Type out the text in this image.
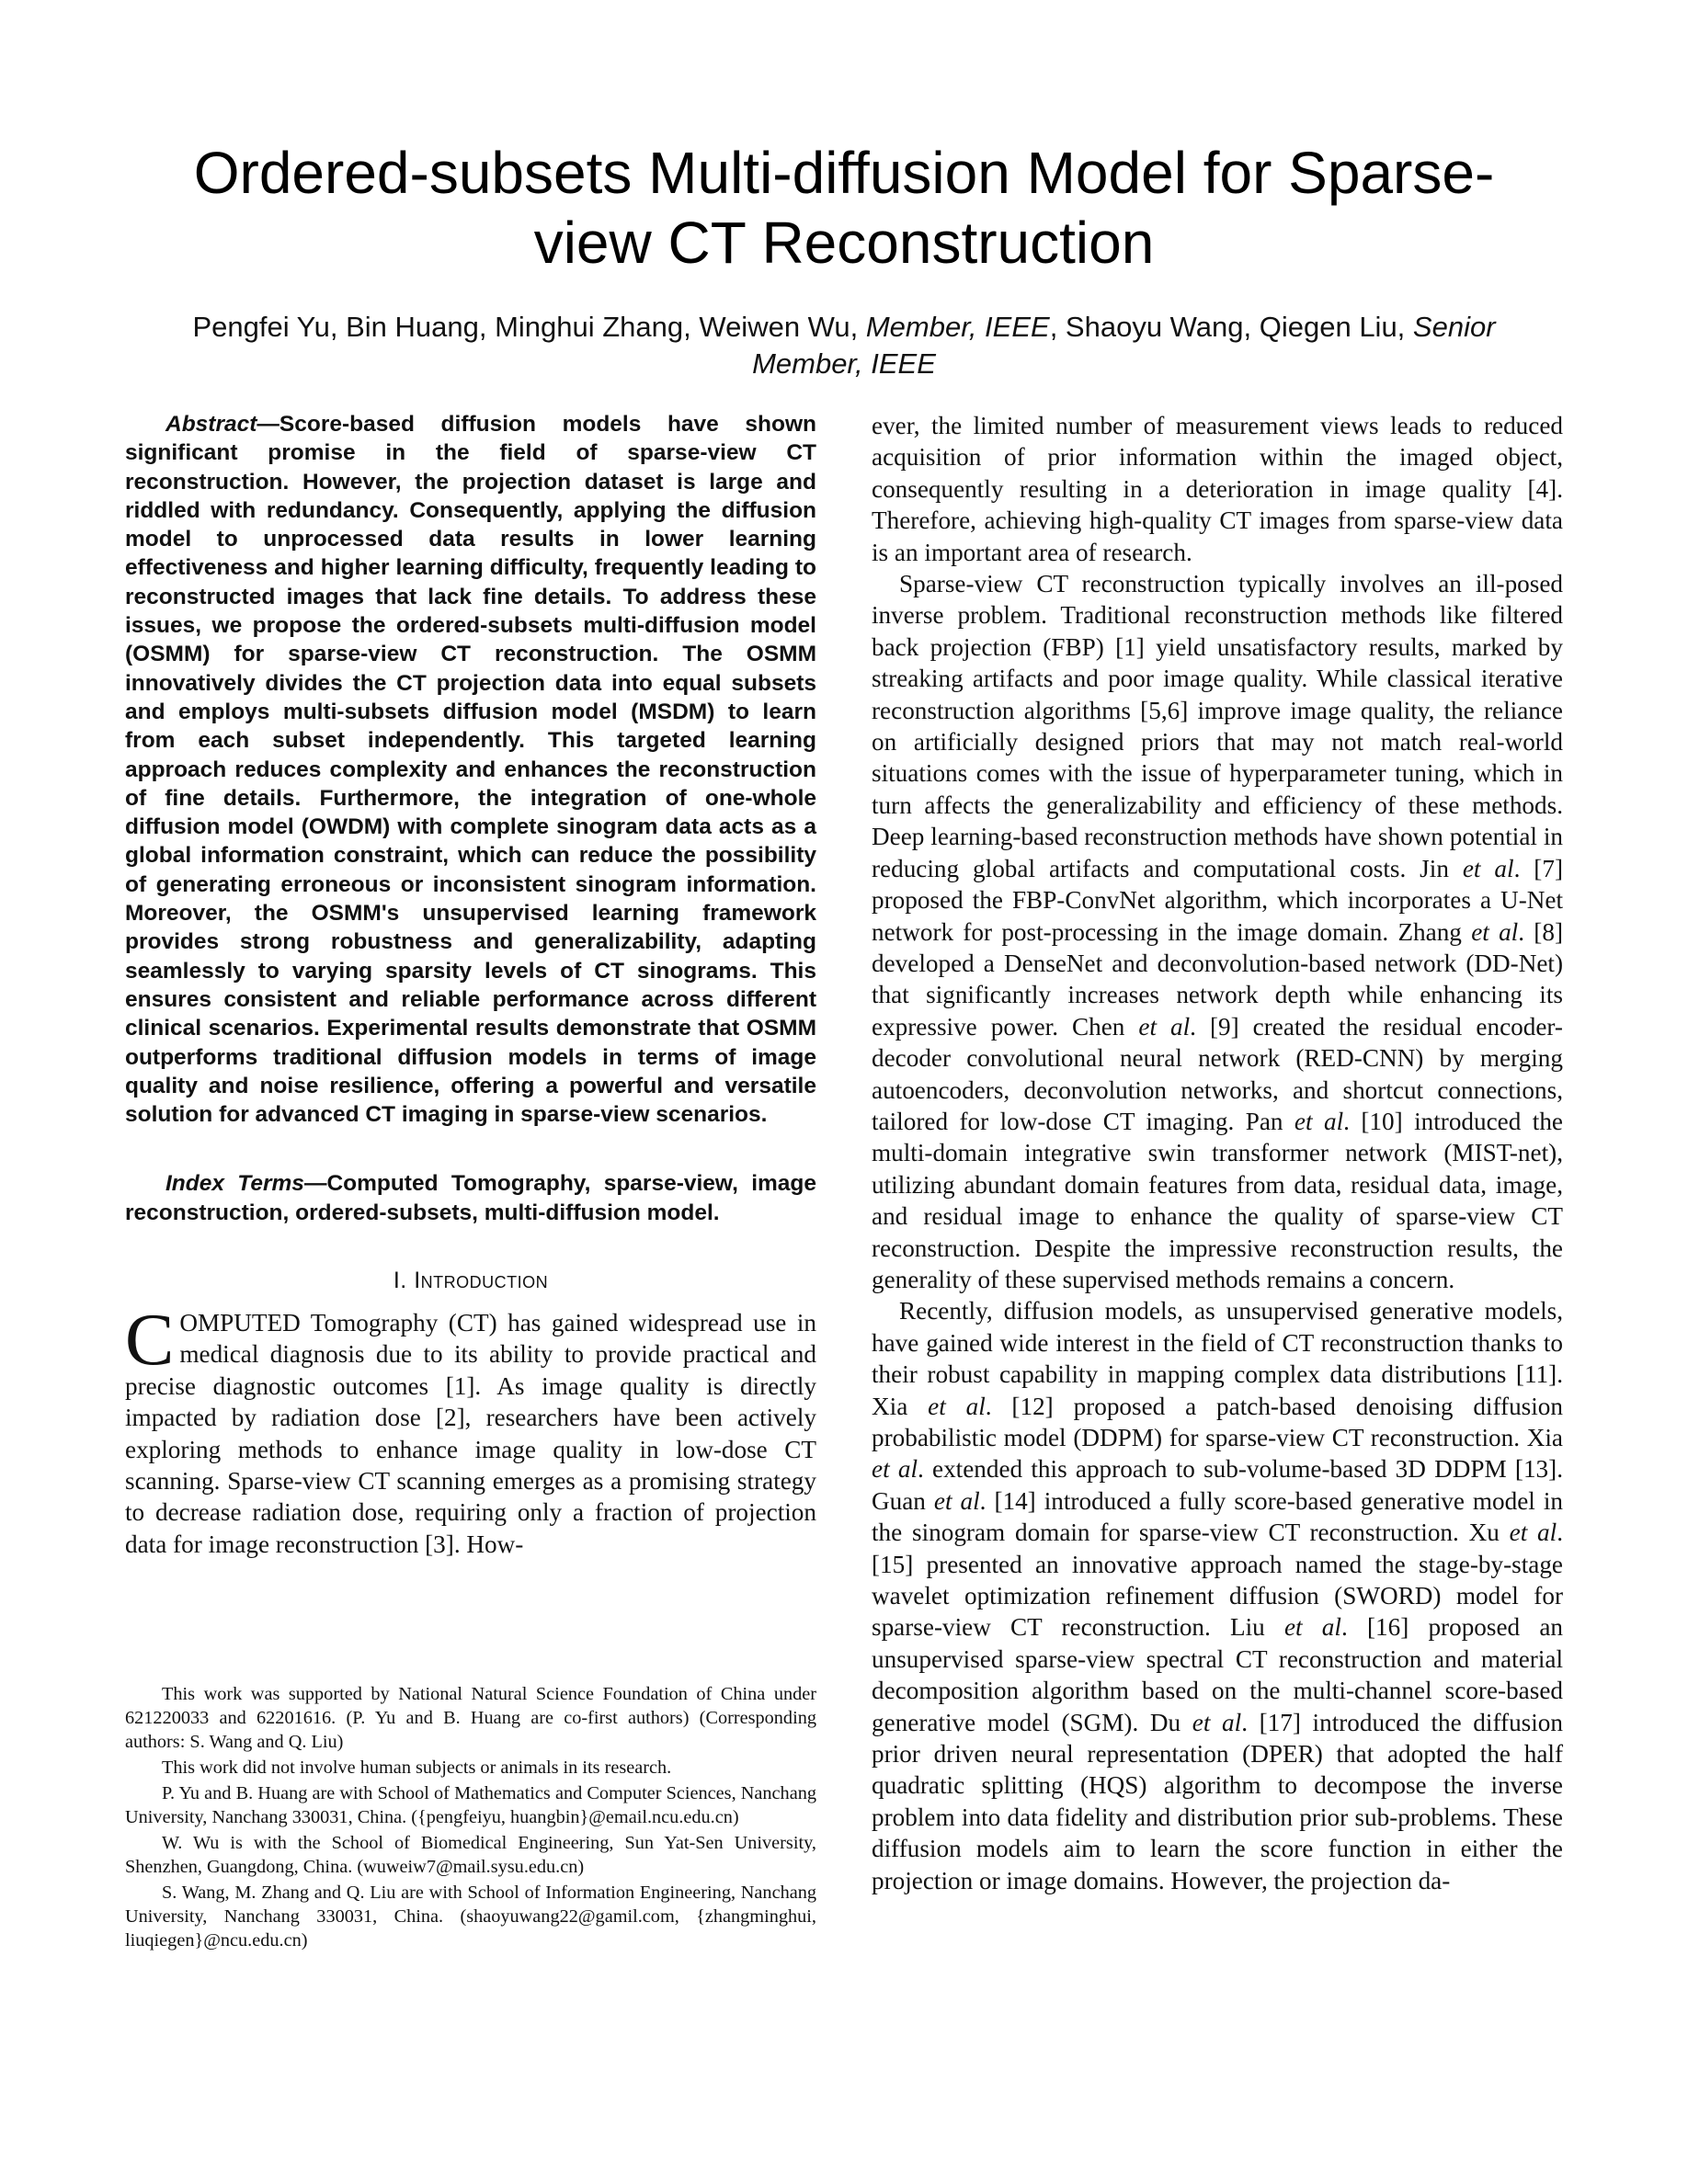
Ordered-subsets Multi-diffusion Model for Sparse-view CT Reconstruction

Pengfei Yu, Bin Huang, Minghui Zhang, Weiwen Wu, Member, IEEE, Shaoyu Wang, Qiegen Liu, Senior Member, IEEE

Abstract—Score-based diffusion models have shown significant promise in the field of sparse-view CT reconstruction. However, the projection dataset is large and riddled with redundancy. Consequently, applying the diffusion model to unprocessed data results in lower learning effectiveness and higher learning difficulty, frequently leading to reconstructed images that lack fine details. To address these issues, we propose the ordered-subsets multi-diffusion model (OSMM) for sparse-view CT reconstruction. The OSMM innovatively divides the CT projection data into equal subsets and employs multi-subsets diffusion model (MSDM) to learn from each subset independently. This targeted learning approach reduces complexity and enhances the reconstruction of fine details. Furthermore, the integration of one-whole diffusion model (OWDM) with complete sinogram data acts as a global information constraint, which can reduce the possibility of generating erroneous or inconsistent sinogram information. Moreover, the OSMM's unsupervised learning framework provides strong robustness and generalizability, adapting seamlessly to varying sparsity levels of CT sinograms. This ensures consistent and reliable performance across different clinical scenarios. Experimental results demonstrate that OSMM outperforms traditional diffusion models in terms of image quality and noise resilience, offering a powerful and versatile solution for advanced CT imaging in sparse-view scenarios.

Index Terms—Computed Tomography, sparse-view, image reconstruction, ordered-subsets, multi-diffusion model.

I. Introduction

COMPUTED Tomography (CT) has gained widespread use in medical diagnosis due to its ability to provide practical and precise diagnostic outcomes [1]. As image quality is directly impacted by radiation dose [2], researchers have been actively exploring methods to enhance image quality in low-dose CT scanning. Sparse-view CT scanning emerges as a promising strategy to decrease radiation dose, requiring only a fraction of projection data for image reconstruction [3]. How-

This work was supported by National Natural Science Foundation of China under 621220033 and 62201616. (P. Yu and B. Huang are co-first authors) (Corresponding authors: S. Wang and Q. Liu)

This work did not involve human subjects or animals in its research.

P. Yu and B. Huang are with School of Mathematics and Computer Sciences, Nanchang University, Nanchang 330031, China. ({pengfeiyu, huangbin}@email.ncu.edu.cn)

W. Wu is with the School of Biomedical Engineering, Sun Yat-Sen University, Shenzhen, Guangdong, China. (wuweiw7@mail.sysu.edu.cn)

S. Wang, M. Zhang and Q. Liu are with School of Information Engineering, Nanchang University, Nanchang 330031, China. (shaoyuwang22@gamil.com, {zhangminghui, liuqiegen}@ncu.edu.cn)

ever, the limited number of measurement views leads to reduced acquisition of prior information within the imaged object, consequently resulting in a deterioration in image quality [4]. Therefore, achieving high-quality CT images from sparse-view data is an important area of research.

Sparse-view CT reconstruction typically involves an ill-posed inverse problem. Traditional reconstruction methods like filtered back projection (FBP) [1] yield unsatisfactory results, marked by streaking artifacts and poor image quality. While classical iterative reconstruction algorithms [5,6] improve image quality, the reliance on artificially designed priors that may not match real-world situations comes with the issue of hyperparameter tuning, which in turn affects the generalizability and efficiency of these methods. Deep learning-based reconstruction methods have shown potential in reducing global artifacts and computational costs. Jin et al. [7] proposed the FBP-ConvNet algorithm, which incorporates a U-Net network for post-processing in the image domain. Zhang et al. [8] developed a DenseNet and deconvolution-based network (DD-Net) that significantly increases network depth while enhancing its expressive power. Chen et al. [9] created the residual encoder-decoder convolutional neural network (RED-CNN) by merging autoencoders, deconvolution networks, and shortcut connections, tailored for low-dose CT imaging. Pan et al. [10] introduced the multi-domain integrative swin transformer network (MIST-net), utilizing abundant domain features from data, residual data, image, and residual image to enhance the quality of sparse-view CT reconstruction. Despite the impressive reconstruction results, the generality of these supervised methods remains a concern.

Recently, diffusion models, as unsupervised generative models, have gained wide interest in the field of CT reconstruction thanks to their robust capability in mapping complex data distributions [11]. Xia et al. [12] proposed a patch-based denoising diffusion probabilistic model (DDPM) for sparse-view CT reconstruction. Xia et al. extended this approach to sub-volume-based 3D DDPM [13]. Guan et al. [14] introduced a fully score-based generative model in the sinogram domain for sparse-view CT reconstruction. Xu et al. [15] presented an innovative approach named the stage-by-stage wavelet optimization refinement diffusion (SWORD) model for sparse-view CT reconstruction. Liu et al. [16] proposed an unsupervised sparse-view spectral CT reconstruction and material decomposition algorithm based on the multi-channel score-based generative model (SGM). Du et al. [17] introduced the diffusion prior driven neural representation (DPER) that adopted the half quadratic splitting (HQS) algorithm to decompose the inverse problem into data fidelity and distribution prior sub-problems. These diffusion models aim to learn the score function in either the projection or image domains. However, the projection da-
